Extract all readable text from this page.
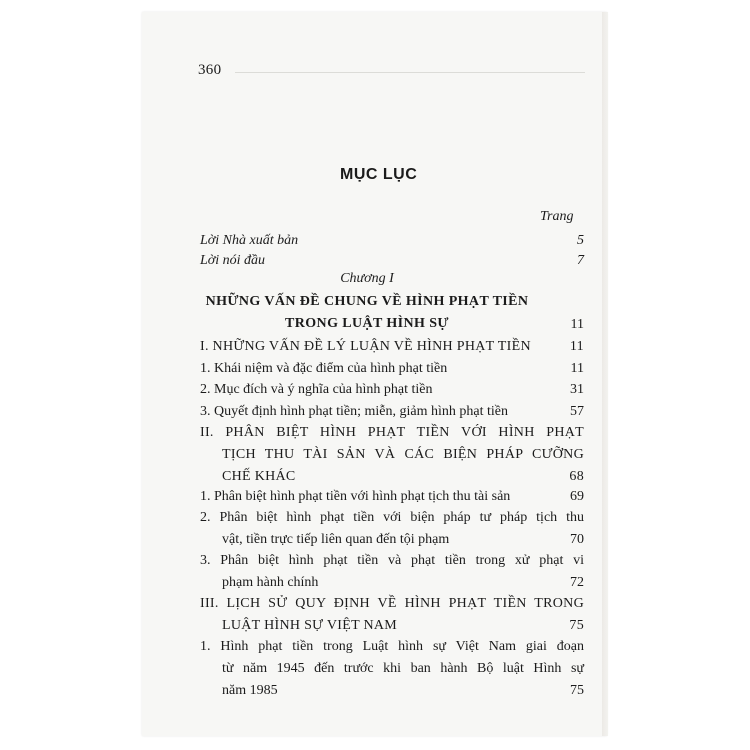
360
MỤC LỤC
Trang
Lời Nhà xuất bản	5
Lời nói đầu	7
Chương I
NHỮNG VẤN ĐỀ CHUNG VỀ HÌNH PHẠT TIỀN
TRONG LUẬT HÌNH SỰ	11
I. NHỮNG VẤN ĐỀ LÝ LUẬN VỀ HÌNH PHẠT TIỀN	11
1. Khái niệm và đặc điểm của hình phạt tiền	11
2. Mục đích và ý nghĩa của hình phạt tiền	31
3. Quyết định hình phạt tiền; miễn, giảm hình phạt tiền	57
II. PHÂN BIỆT HÌNH PHẠT TIỀN VỚI HÌNH PHẠT
TỊCH THU TÀI SẢN VÀ CÁC BIỆN PHÁP CƯỠNG
CHẾ KHÁC	68
1. Phân biệt hình phạt tiền với hình phạt tịch thu tài sản	69
2. Phân biệt hình phạt tiền với biện pháp tư pháp tịch thu
vật, tiền trực tiếp liên quan đến tội phạm	70
3. Phân biệt hình phạt tiền và phạt tiền trong xử phạt vi
phạm hành chính	72
III. LỊCH SỬ QUY ĐỊNH VỀ HÌNH PHẠT TIỀN TRONG
LUẬT HÌNH SỰ VIỆT NAM	75
1. Hình phạt tiền trong Luật hình sự Việt Nam giai đoạn
từ năm 1945 đến trước khi ban hành Bộ luật Hình sự
năm 1985	75
